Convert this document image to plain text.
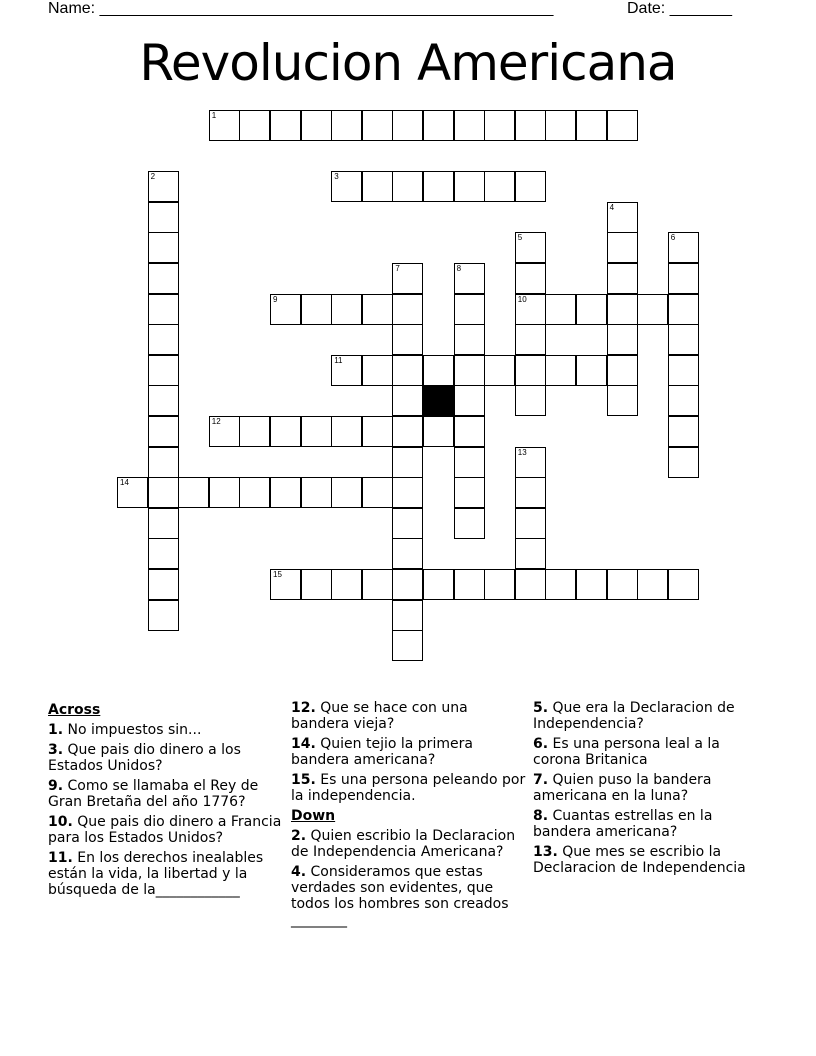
Name: ___________________________________________________	Date: _______
Revolucion Americana
1
3
9	10
11
12
14
15
2
4
5	6
7	8
13

Across

1. No impuestos sin...

3. Que pais dio dinero a los Estados Unidos?

9. Como se llamaba el Rey de Gran Bretaña del año 1776?

10. Que pais dio dinero a Francia para los Estados Unidos?

11. En los derechos inealables están la vida, la libertad y la búsqueda de la____________

12. Que se hace con una bandera vieja?

14. Quien tejio la primera bandera americana?

15. Es una persona peleando por la independencia.

Down

2. Quien escribio la Declaracion de Independencia Americana?

4. Consideramos que estas verdades son evidentes, que todos los hombres son creados ________

5. Que era la Declaracion de Independencia?

6. Es una persona leal a la corona Britanica

7. Quien puso la bandera americana en la luna?

8. Cuantas estrellas en la bandera americana?

13. Que mes se escribio la Declaracion de Independencia
